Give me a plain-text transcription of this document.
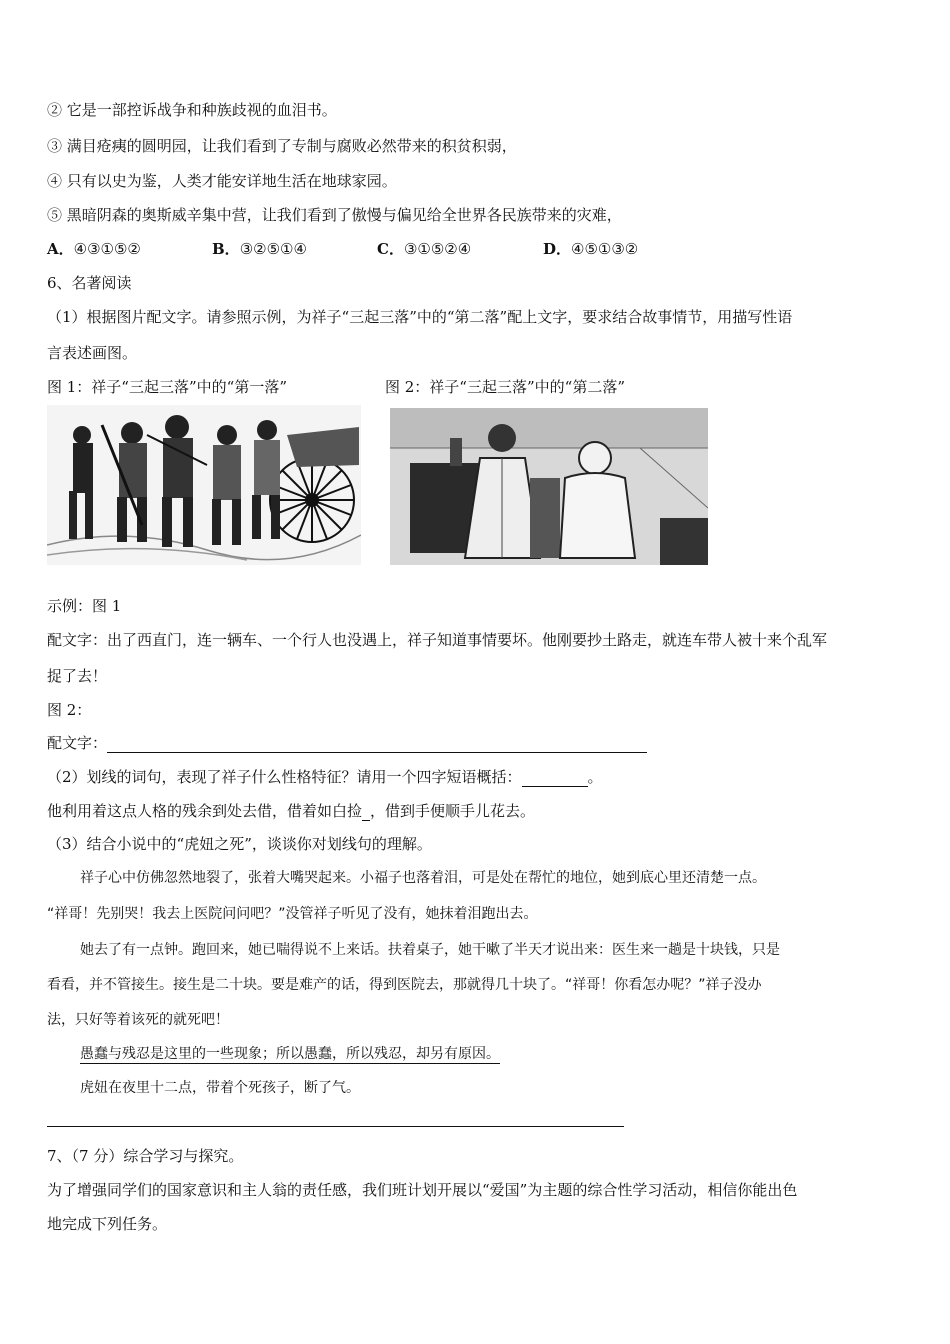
② 它是一部控诉战争和种族歧视的血泪书。
③ 满目疮痍的圆明园，让我们看到了专制与腐败必然带来的积贫积弱，
④ 只有以史为鉴，人类才能安详地生活在地球家园。
⑤ 黑暗阴森的奥斯威辛集中营，让我们看到了傲慢与偏见给全世界各民族带来的灾难，
A．④③①⑤②	B．③②⑤①④	C．③①⑤②④	D．④⑤①③②
6、名著阅读
（1）根据图片配文字。请参照示例，为祥子“三起三落”中的“第二落”配上文字，要求结合故事情节，用描写性语
言表述画图。
图 1：祥子“三起三落”中的“第一落”	图 2：祥子“三起三落”中的“第二落”
示例：图 1
配文字：出了西直门，连一辆车、一个行人也没遇上，祥子知道事情要坏。他刚要抄土路走，就连车带人被十来个乱军
捉了去！
图 2：
配文字：
（2）划线的词句，表现了祥子什么性格特征？请用一个四字短语概括：	。
他利用着这点人格的残余到处去借，借着如白捡 ，借到手便顺手儿花去。
（3）结合小说中的“虎妞之死”，谈谈你对划线句的理解。
祥子心中仿佛忽然地裂了，张着大嘴哭起来。小福子也落着泪，可是处在帮忙的地位，她到底心里还清楚一点。
“祥哥！先别哭！我去上医院问问吧？”没管祥子听见了没有，她抹着泪跑出去。
她去了有一点钟。跑回来，她已喘得说不上来话。扶着桌子，她干嗽了半天才说出来：医生来一趟是十块钱，只是
看看，并不管接生。接生是二十块。要是难产的话，得到医院去，那就得几十块了。“祥哥！你看怎办呢？”祥子没办
法，只好等着该死的就死吧！
愚蠢与残忍是这里的一些现象；所以愚蠢，所以残忍，却另有原因。
虎妞在夜里十二点，带着个死孩子，断了气。
7、（7 分）综合学习与探究。
为了增强同学们的国家意识和主人翁的责任感，我们班计划开展以“爱国”为主题的综合性学习活动，相信你能出色
地完成下列任务。
